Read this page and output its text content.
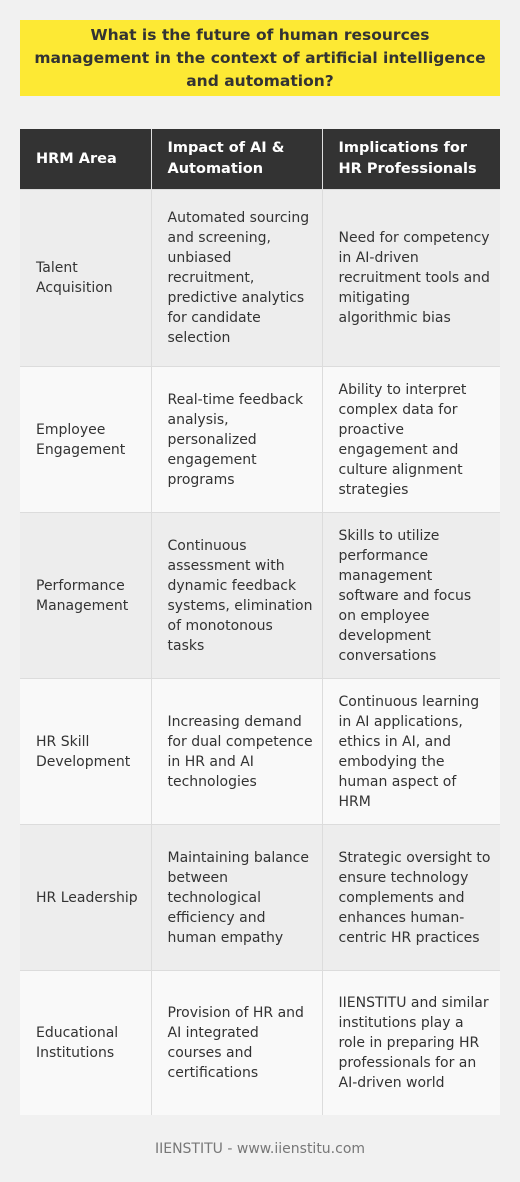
What is the future of human resources management in the context of artificial intelligence and automation?
HRM Area	Impact of AI & Automation	Implications for HR Professionals
Talent Acquisition	Automated sourcing and screening, unbiased recruitment, predictive analytics for candidate selection	Need for competency in AI-driven recruitment tools and mitigating algorithmic bias
Employee Engagement	Real-time feedback analysis, personalized engagement programs	Ability to interpret complex data for proactive engagement and culture alignment strategies
Performance Management	Continuous assessment with dynamic feedback systems, elimination of monotonous tasks	Skills to utilize performance management software and focus on employee development conversations
HR Skill Development	Increasing demand for dual competence in HR and AI technologies	Continuous learning in AI applications, ethics in AI, and embodying the human aspect of HRM
HR Leadership	Maintaining balance between technological efficiency and human empathy	Strategic oversight to ensure technology complements and enhances human-centric HR practices
Educational Institutions	Provision of HR and AI integrated courses and certifications	IIENSTITU and similar institutions play a role in preparing HR professionals for an AI-driven world
IIENSTITU - www.iienstitu.com
